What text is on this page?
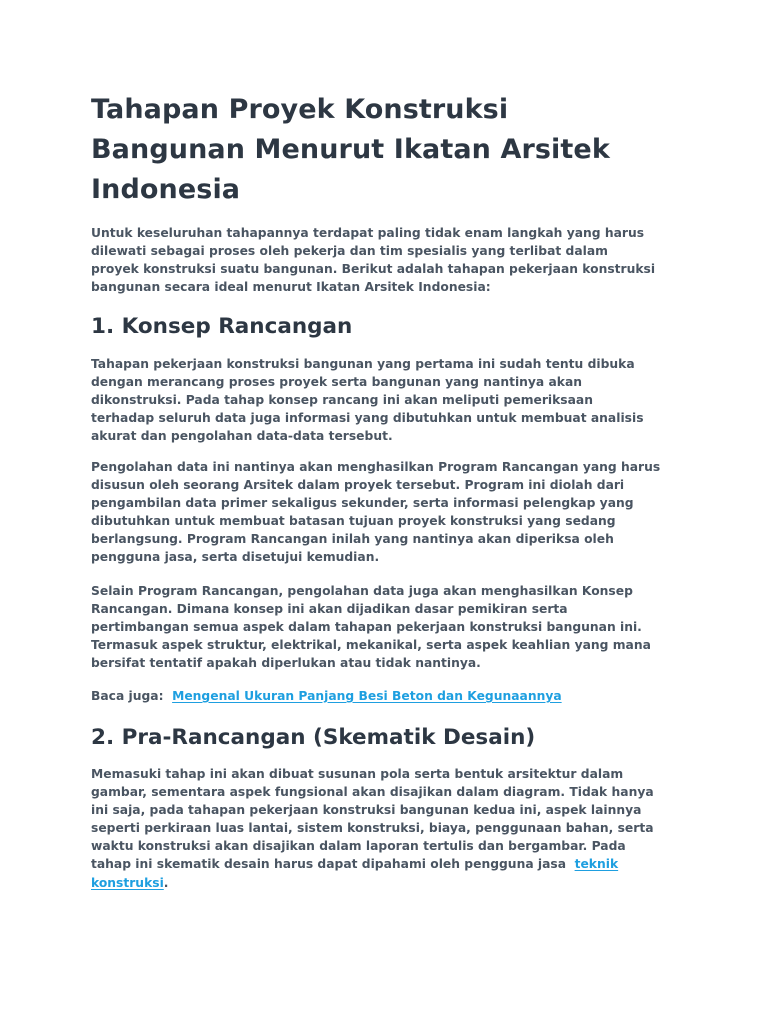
Tahapan Proyek Konstruksi
Bangunan Menurut Ikatan Arsitek
Indonesia

Untuk keseluruhan tahapannya terdapat paling tidak enam langkah yang harus
dilewati sebagai proses oleh pekerja dan tim spesialis yang terlibat dalam
proyek konstruksi suatu bangunan. Berikut adalah tahapan pekerjaan konstruksi
bangunan secara ideal menurut Ikatan Arsitek Indonesia:

1. Konsep Rancangan

Tahapan pekerjaan konstruksi bangunan yang pertama ini sudah tentu dibuka
dengan merancang proses proyek serta bangunan yang nantinya akan
dikonstruksi. Pada tahap konsep rancang ini akan meliputi pemeriksaan
terhadap seluruh data juga informasi yang dibutuhkan untuk membuat analisis
akurat dan pengolahan data-data tersebut.

Pengolahan data ini nantinya akan menghasilkan Program Rancangan yang harus
disusun oleh seorang Arsitek dalam proyek tersebut. Program ini diolah dari
pengambilan data primer sekaligus sekunder, serta informasi pelengkap yang
dibutuhkan untuk membuat batasan tujuan proyek konstruksi yang sedang
berlangsung. Program Rancangan inilah yang nantinya akan diperiksa oleh
pengguna jasa, serta disetujui kemudian.

Selain Program Rancangan, pengolahan data juga akan menghasilkan Konsep
Rancangan. Dimana konsep ini akan dijadikan dasar pemikiran serta
pertimbangan semua aspek dalam tahapan pekerjaan konstruksi bangunan ini.
Termasuk aspek struktur, elektrikal, mekanikal, serta aspek keahlian yang mana
bersifat tentatif apakah diperlukan atau tidak nantinya.

Baca juga: Mengenal Ukuran Panjang Besi Beton dan Kegunaannya

2. Pra-Rancangan (Skematik Desain)

Memasuki tahap ini akan dibuat susunan pola serta bentuk arsitektur dalam
gambar, sementara aspek fungsional akan disajikan dalam diagram. Tidak hanya
ini saja, pada tahapan pekerjaan konstruksi bangunan kedua ini, aspek lainnya
seperti perkiraan luas lantai, sistem konstruksi, biaya, penggunaan bahan, serta
waktu konstruksi akan disajikan dalam laporan tertulis dan bergambar. Pada
tahap ini skematik desain harus dapat dipahami oleh pengguna jasa teknik
konstruksi.
